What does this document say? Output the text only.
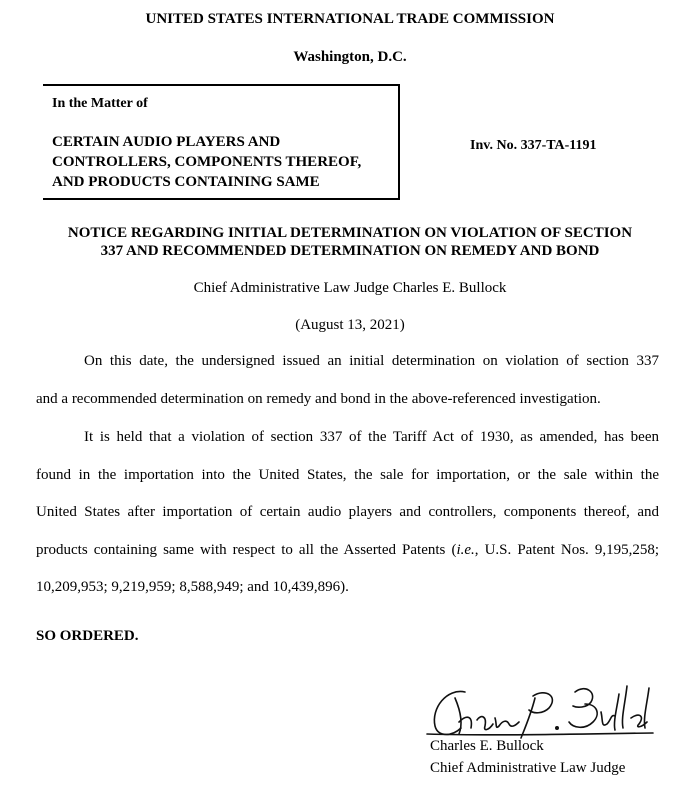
UNITED STATES INTERNATIONAL TRADE COMMISSION
Washington, D.C.
In the Matter of
CERTAIN AUDIO PLAYERS AND
CONTROLLERS, COMPONENTS THEREOF,
AND PRODUCTS CONTAINING SAME
Inv. No. 337-TA-1191
NOTICE REGARDING INITIAL DETERMINATION ON VIOLATION OF SECTION
337 AND RECOMMENDED DETERMINATION ON REMEDY AND BOND
Chief Administrative Law Judge Charles E. Bullock
(August 13, 2021)
On this date, the undersigned issued an initial determination on violation of section 337
and a recommended determination on remedy and bond in the above-referenced investigation.
It is held that a violation of section 337 of the Tariff Act of 1930, as amended, has been
found in the importation into the United States, the sale for importation, or the sale within the
United States after importation of certain audio players and controllers, components thereof, and
products containing same with respect to all the Asserted Patents (i.e., U.S. Patent Nos. 9,195,258;
10,209,953; 9,219,959; 8,588,949; and 10,439,896).
SO ORDERED.
Charles E. Bullock
Chief Administrative Law Judge
